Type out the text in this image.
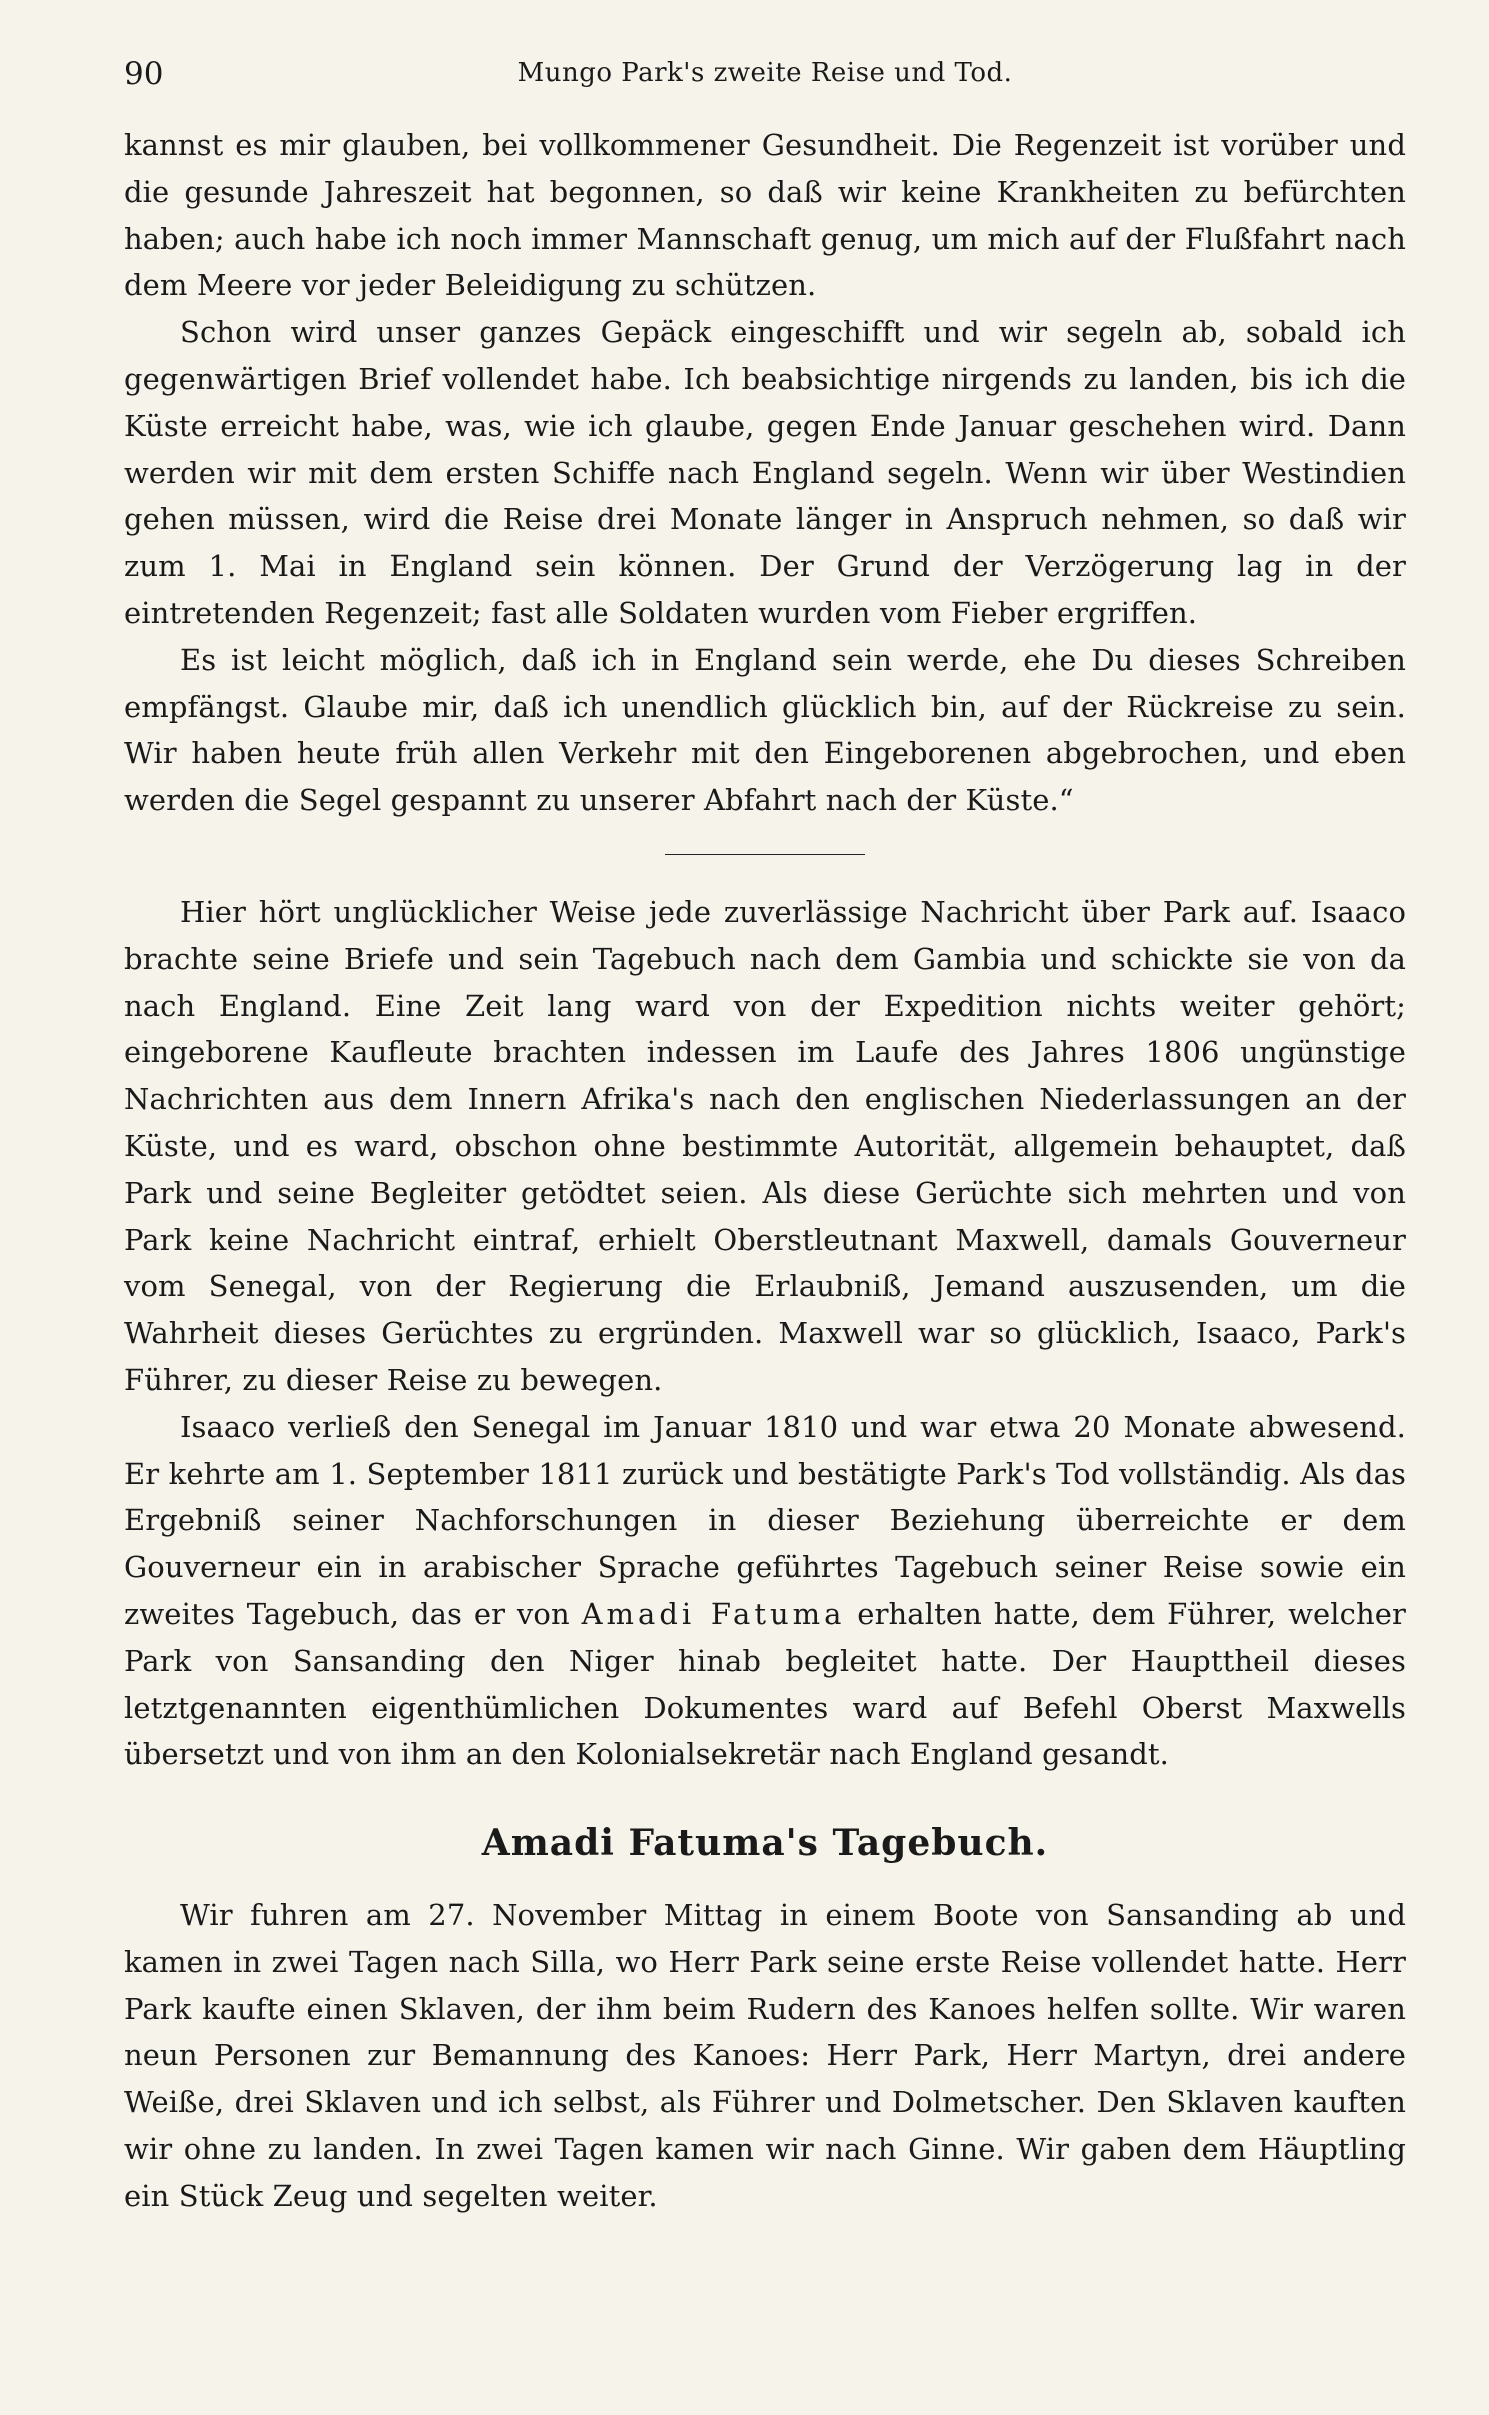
90	Mungo Park's zweite Reise und Tod.

kannst es mir glauben, bei vollkommener Gesundheit. Die Regenzeit ist vorüber und die gesunde Jahreszeit hat begonnen, so daß wir keine Krankheiten zu befürchten haben; auch habe ich noch immer Mannschaft genug, um mich auf der Flußfahrt nach dem Meere vor jeder Beleidigung zu schützen.

Schon wird unser ganzes Gepäck eingeschifft und wir segeln ab, sobald ich gegenwärtigen Brief vollendet habe. Ich beabsichtige nirgends zu landen, bis ich die Küste erreicht habe, was, wie ich glaube, gegen Ende Januar geschehen wird. Dann werden wir mit dem ersten Schiffe nach England segeln. Wenn wir über Westindien gehen müssen, wird die Reise drei Monate länger in Anspruch nehmen, so daß wir zum 1. Mai in England sein können. Der Grund der Verzögerung lag in der eintretenden Regenzeit; fast alle Soldaten wurden vom Fieber ergriffen.

Es ist leicht möglich, daß ich in England sein werde, ehe Du dieses Schreiben empfängst. Glaube mir, daß ich unendlich glücklich bin, auf der Rückreise zu sein. Wir haben heute früh allen Verkehr mit den Eingeborenen abgebrochen, und eben werden die Segel gespannt zu unserer Abfahrt nach der Küste.“

Hier hört unglücklicher Weise jede zuverlässige Nachricht über Park auf. Isaaco brachte seine Briefe und sein Tagebuch nach dem Gambia und schickte sie von da nach England. Eine Zeit lang ward von der Expedition nichts weiter gehört; eingeborene Kaufleute brachten indessen im Laufe des Jahres 1806 ungünstige Nachrichten aus dem Innern Afrika's nach den englischen Niederlassungen an der Küste, und es ward, obschon ohne bestimmte Autorität, allgemein behauptet, daß Park und seine Begleiter getödtet seien. Als diese Gerüchte sich mehrten und von Park keine Nachricht eintraf, erhielt Oberstleutnant Maxwell, damals Gouverneur vom Senegal, von der Regierung die Erlaubniß, Jemand auszusenden, um die Wahrheit dieses Gerüchtes zu ergründen. Maxwell war so glücklich, Isaaco, Park's Führer, zu dieser Reise zu bewegen.

Isaaco verließ den Senegal im Januar 1810 und war etwa 20 Monate abwesend. Er kehrte am 1. September 1811 zurück und bestätigte Park's Tod vollständig. Als das Ergebniß seiner Nachforschungen in dieser Beziehung überreichte er dem Gouverneur ein in arabischer Sprache geführtes Tagebuch seiner Reise sowie ein zweites Tagebuch, das er von Amadi Fatuma erhalten hatte, dem Führer, welcher Park von Sansanding den Niger hinab begleitet hatte. Der Haupttheil dieses letztgenannten eigenthümlichen Dokumentes ward auf Befehl Oberst Maxwells übersetzt und von ihm an den Kolonialsekretär nach England gesandt.

Amadi Fatuma's Tagebuch.

Wir fuhren am 27. November Mittag in einem Boote von Sansanding ab und kamen in zwei Tagen nach Silla, wo Herr Park seine erste Reise vollendet hatte. Herr Park kaufte einen Sklaven, der ihm beim Rudern des Kanoes helfen sollte. Wir waren neun Personen zur Bemannung des Kanoes: Herr Park, Herr Martyn, drei andere Weiße, drei Sklaven und ich selbst, als Führer und Dolmetscher. Den Sklaven kauften wir ohne zu landen. In zwei Tagen kamen wir nach Ginne. Wir gaben dem Häuptling ein Stück Zeug und segelten weiter.
